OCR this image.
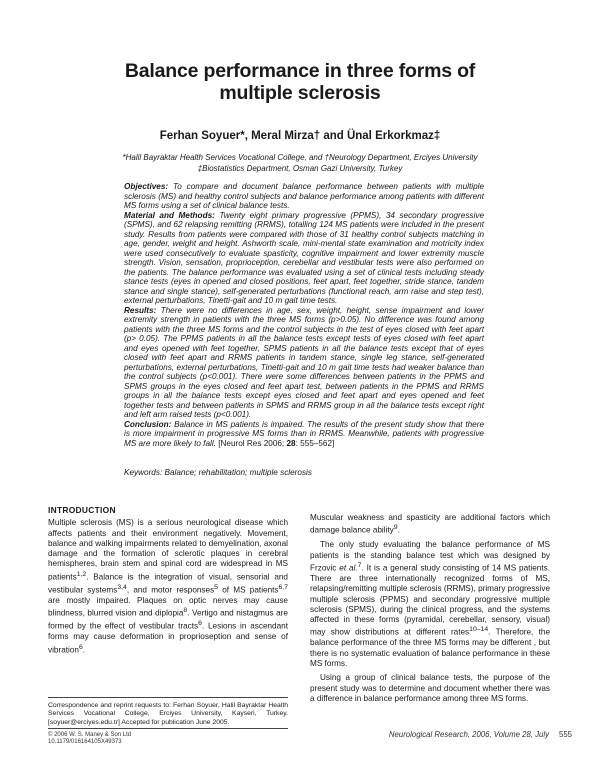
Balance performance in three forms of
multiple sclerosis
Ferhan Soyuer*, Meral Mirza† and Ünal Erkorkmaz‡
*Halil Bayraktar Health Services Vocational College, and †Neurology Department, Erciyes University
‡Biostatistics Department, Osman Gazi University, Turkey

Objectives: To compare and document balance performance between patients with multiple sclerosis (MS) and healthy control subjects and balance performance among patients with different MS forms using a set of clinical balance tests.

Material and Methods: Twenty eight primary progressive (PPMS), 34 secondary progressive (SPMS), and 62 relapsing remitting (RRMS), totalling 124 MS patients were included in the present study. Results from patients were compared with those of 31 healthy control subjects matching in age, gender, weight and height. Ashworth scale, mini-mental state examination and motricity index were used consecutively to evaluate spasticity, cognitive impairment and lower extremity muscle strength. Vision, sensation, proprioception, cerebellar and vestibular tests were also performed on the patients. The balance performance was evaluated using a set of clinical tests including steady stance tests (eyes in opened and closed positions, feet apart, feet together, stride stance, tandem stance and single stance), self-generated perturbations (functional reach, arm raise and step test), external perturbations, Tinetti-gait and 10 m gait time tests.

Results: There were no differences in age, sex, weight, height, sense impairment and lower extremity strength in patients with the three MS forms (p>0.05). No difference was found among patients with the three MS forms and the control subjects in the test of eyes closed with feet apart (p> 0.05). The PPMS patients in all the balance tests except tests of eyes closed with feet apart and eyes opened with feet together, SPMS patients in all the balance tests except that of eyes closed with feet apart and RRMS patients in tandem stance, single leg stance, self-generated perturbations, external perturbations, Tinetti-gait and 10 m gait time tests had weaker balance than the control subjects (p<0.001). There were some differences between patients in the PPMS and SPMS groups in the eyes closed and feet apart test, between patients in the PPMS and RRMS groups in all the balance tests except eyes closed and feet apart and eyes opened and feet together tests and between patients in SPMS and RRMS group in all the balance tests except right and left arm raised tests (p<0.001).

Conclusion: Balance in MS patients is impaired. The results of the present study show that there is more impairment in progressive MS forms than in RRMS. Meanwhile, patients with progressive MS are more likely to fall. [Neurol Res 2006; 28: 555–562]

Keywords: Balance; rehabilitation; multiple sclerosis
INTRODUCTION

Multiple sclerosis (MS) is a serious neurological disease which affects patients and their environment negatively. Movement, balance and walking impairments related to demyelination, axonal damage and the formation of sclerotic plaques in cerebral hemispheres, brain stem and spinal cord are widespread in MS patients$^{1,2}$. Balance is the integration of visual, sensorial and vestibular systems$^{3,4}$, and motor responses$^5$ of MS patients$^{6,7}$ are mostly impaired. Plaques on optic nerves may cause blindness, blurred vision and diplopia$^8$. Vertigo and nistagmus are formed by the effect of vestibular tracts$^6$. Lesions in ascendant forms may cause deformation in proprioseption and sense of vibration$^6$.

Correspondence and reprint requests to: Ferhan Soyuer, Halil Bayraktar Health Services Vocational College, Erciyes University, Kayseri, Turkey. [soyuer@erciyes.edu.tr] Accepted for publication June 2005.
© 2006 W. S. Maney & Son Ltd
10.1179/016164105X49373

Muscular weakness and spasticity are additional factors which damage balance ability$^9$.

The only study evaluating the balance performance of MS patients is the standing balance test which was designed by Frzovic et al.$^7$. It is a general study consisting of 14 MS patients. There are three internationally recognized forms of MS, relapsing/remitting multiple sclerosis (RRMS), primary progressive multiple sclerosis (PPMS) and secondary progressive multiple sclerosis (SPMS), during the clinical progress, and the systems affected in these forms (pyramidal, cerebellar, sensory, visual) may show distributions at different rates$^{10-14}$. Therefore, the balance performance of the three MS forms may be different , but there is no systematic evaluation of balance performance in these MS forms.

Using a group of clinical balance tests, the purpose of the present study was to determine and document whether there was a difference in balance performance among three MS forms.

Neurological Research, 2006, Volume 28, July 555
